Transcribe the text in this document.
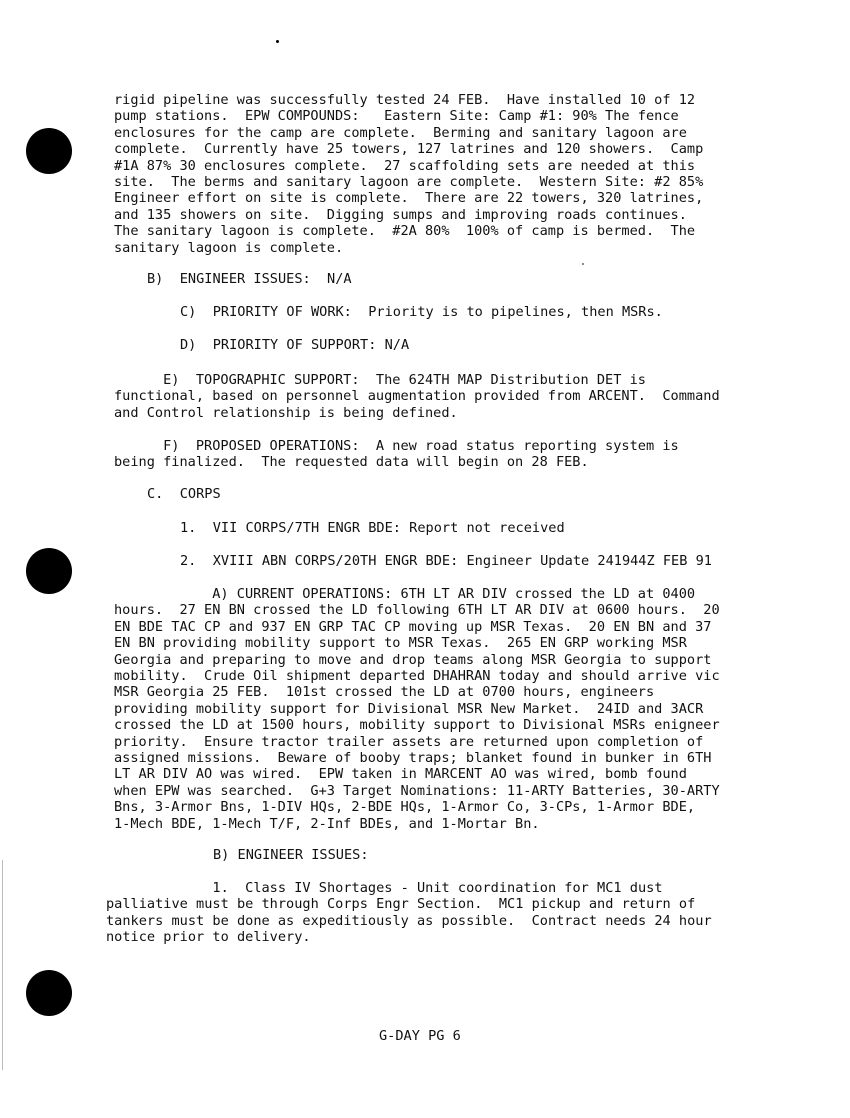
rigid pipeline was successfully tested 24 FEB.  Have installed 10 of 12
pump stations.  EPW COMPOUNDS:   Eastern Site: Camp #1: 90% The fence
enclosures for the camp are complete.  Berming and sanitary lagoon are
complete.  Currently have 25 towers, 127 latrines and 120 showers.  Camp
#1A 87% 30 enclosures complete.  27 scaffolding sets are needed at this
site.  The berms and sanitary lagoon are complete.  Western Site: #2 85%
Engineer effort on site is complete.  There are 22 towers, 320 latrines,
and 135 showers on site.  Digging sumps and improving roads continues.
The sanitary lagoon is complete.  #2A 80%  100% of camp is bermed.  The
sanitary lagoon is complete.

B)  ENGINEER ISSUES:  N/A

C)  PRIORITY OF WORK:  Priority is to pipelines, then MSRs.

D)  PRIORITY OF SUPPORT: N/A

E)  TOPOGRAPHIC SUPPORT:  The 624TH MAP Distribution DET is
functional, based on personnel augmentation provided from ARCENT.  Command
and Control relationship is being defined.

F)  PROPOSED OPERATIONS:  A new road status reporting system is
being finalized.  The requested data will begin on 28 FEB.

C.  CORPS

1.  VII CORPS/7TH ENGR BDE: Report not received

2.  XVIII ABN CORPS/20TH ENGR BDE: Engineer Update 241944Z FEB 91

A) CURRENT OPERATIONS: 6TH LT AR DIV crossed the LD at 0400
hours.  27 EN BN crossed the LD following 6TH LT AR DIV at 0600 hours.  20
EN BDE TAC CP and 937 EN GRP TAC CP moving up MSR Texas.  20 EN BN and 37
EN BN providing mobility support to MSR Texas.  265 EN GRP working MSR
Georgia and preparing to move and drop teams along MSR Georgia to support
mobility.  Crude Oil shipment departed DHAHRAN today and should arrive vic
MSR Georgia 25 FEB.  101st crossed the LD at 0700 hours, engineers
providing mobility support for Divisional MSR New Market.  24ID and 3ACR
crossed the LD at 1500 hours, mobility support to Divisional MSRs enigneer
priority.  Ensure tractor trailer assets are returned upon completion of
assigned missions.  Beware of booby traps; blanket found in bunker in 6TH
LT AR DIV AO was wired.  EPW taken in MARCENT AO was wired, bomb found
when EPW was searched.  G+3 Target Nominations: 11-ARTY Batteries, 30-ARTY
Bns, 3-Armor Bns, 1-DIV HQs, 2-BDE HQs, 1-Armor Co, 3-CPs, 1-Armor BDE,
1-Mech BDE, 1-Mech T/F, 2-Inf BDEs, and 1-Mortar Bn.

B) ENGINEER ISSUES:

1.  Class IV Shortages - Unit coordination for MC1 dust
palliative must be through Corps Engr Section.  MC1 pickup and return of
tankers must be done as expeditiously as possible.  Contract needs 24 hour
notice prior to delivery.

G-DAY PG 6
